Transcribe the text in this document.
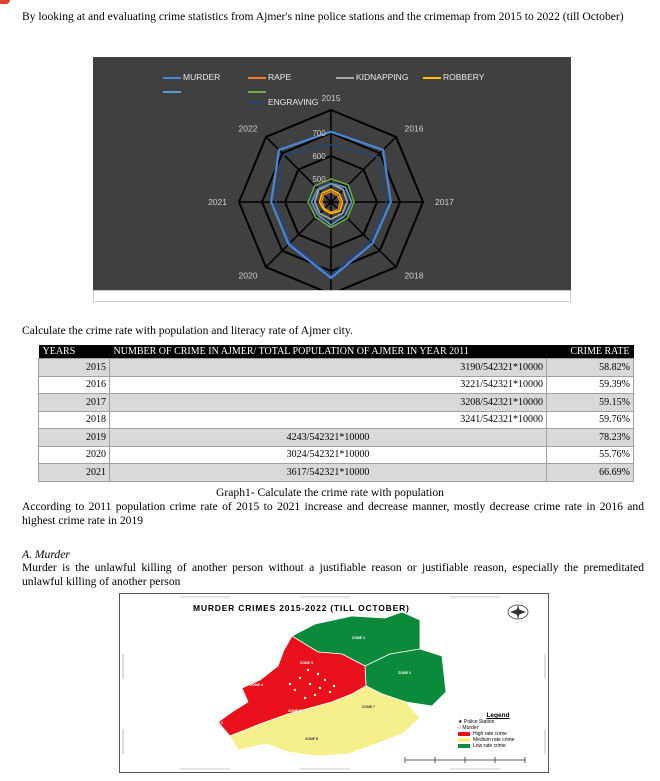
By looking at and evaluating crime statistics from Ajmer's nine police stations and the crimemap from 2015 to 2022 (till October)
MURDER	RAPE	KIDNAPPING	ROBBERY
ENGRAVING 2015
2016
2017
2018
2020
2021
2022
500
600
700
Calculate the crime rate with population and literacy rate of Ajmer city.
YEARS	NUMBER OF CRIME IN AJMER/ TOTAL POPULATION OF AJMER IN YEAR 2011	CRIME RATE
2015	3190/542321*10000	58.82%
2016	3221/542321*10000	59.39%
2017	3208/542321*10000	59.15%
2018	3241/542321*10000	59.76%
2019	4243/542321*10000	78.23%
2020	3024/542321*10000	55.76%
2021	3617/542321*10000	66.69%
Graph1- Calculate the crime rate with population
According to 2011 population crime rate of 2015 to 2021 increase and decrease manner, mostly decrease crime rate in 2016 and highest crime rate in 2019
A. Murder
Murder is the unlawful killing of another person without a justifiable reason or justifiable reason, especially the premeditated unlawful killing of another person
ZONE 1
ZONE 2
ZONE 3
ZONE 4
ZONE 5
ZONE 6
ZONE 7
ZONE 8
MURDER CRIMES 2015-2022 (TILL OCTOBER)
Legend
★ Police Station
○ Murder
High rate crime
Medium rate crime
Low rate crime
